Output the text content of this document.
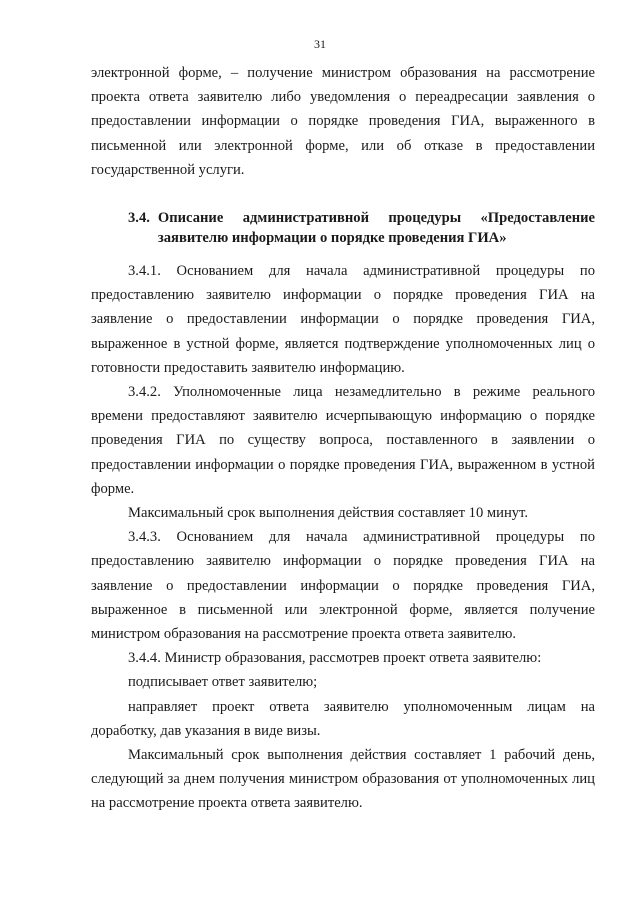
31

электронной форме, – получение министром образования на рассмотрение проекта ответа заявителю либо уведомления о переадресации заявления о предоставлении информации о порядке проведения ГИА, выраженного в письменной или электронной форме, или об отказе в предоставлении государственной услуги.

3.4. Описание административной процедуры «Предоставление заявителю информации о порядке проведения ГИА»

3.4.1. Основанием для начала административной процедуры по предоставлению заявителю информации о порядке проведения ГИА на заявление о предоставлении информации о порядке проведения ГИА, выраженное в устной форме, является подтверждение уполномоченных лиц о готовности предоставить заявителю информацию.

3.4.2. Уполномоченные лица незамедлительно в режиме реального времени предоставляют заявителю исчерпывающую информацию о порядке проведения ГИА по существу вопроса, поставленного в заявлении о предоставлении информации о порядке проведения ГИА, выраженном в устной форме.

Максимальный срок выполнения действия составляет 10 минут.

3.4.3. Основанием для начала административной процедуры по предоставлению заявителю информации о порядке проведения ГИА на заявление о предоставлении информации о порядке проведения ГИА, выраженное в письменной или электронной форме, является получение министром образования на рассмотрение проекта ответа заявителю.

3.4.4. Министр образования, рассмотрев проект ответа заявителю:

подписывает ответ заявителю;

направляет проект ответа заявителю уполномоченным лицам на доработку, дав указания в виде визы.

Максимальный срок выполнения действия составляет 1 рабочий день, следующий за днем получения министром образования от уполномоченных лиц на рассмотрение проекта ответа заявителю.
